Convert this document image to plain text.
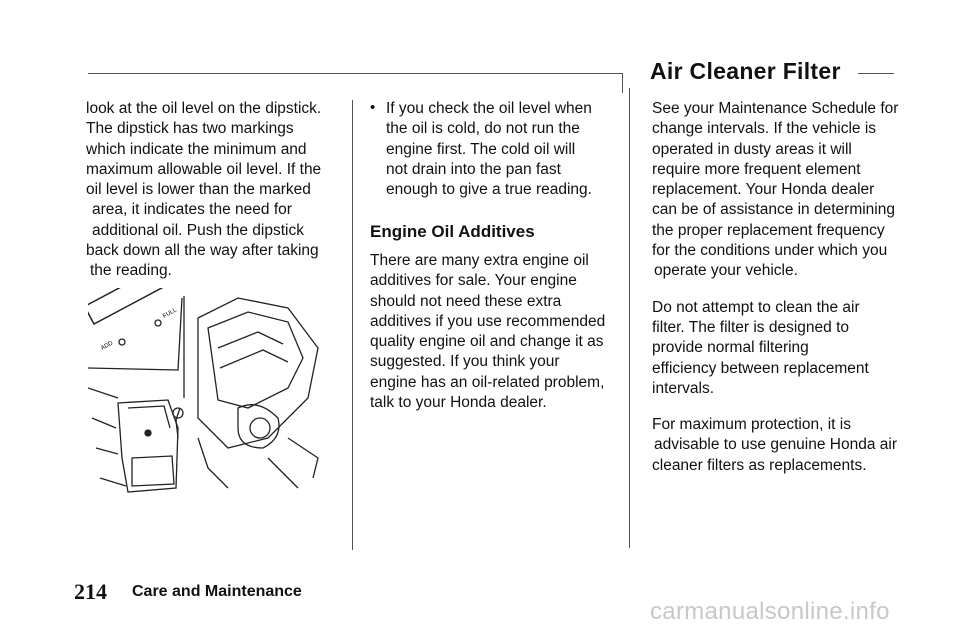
Air Cleaner Filter

look at the oil level on the dipstick.

The dipstick has two markings

which indicate the minimum and

maximum allowable oil level. If the

oil level is lower than the marked

area, it indicates the need for

additional oil. Push the dipstick

back down all the way after taking

the reading.

ADD
FULL
• If you check the oil level when

the oil is cold, do not run the

engine first. The cold oil will

not drain into the pan fast

enough to give a true reading.

Engine Oil Additives

There are many extra engine oil

additives for sale. Your engine

should not need these extra

additives if you use recommended

quality engine oil and change it as

suggested. If you think your

engine has an oil-related problem,

talk to your Honda dealer.

See your Maintenance Schedule for

change intervals. If the vehicle is

operated in dusty areas it will

require more frequent element

replacement. Your Honda dealer

can be of assistance in determining

the proper replacement frequency

for the conditions under which you

operate your vehicle.

Do not attempt to clean the air

filter. The filter is designed to

provide normal filtering

efficiency between replacement

intervals.

For maximum protection, it is

advisable to use genuine Honda air

cleaner filters as replacements.

214 Care and Maintenance
carmanualsonline.info
